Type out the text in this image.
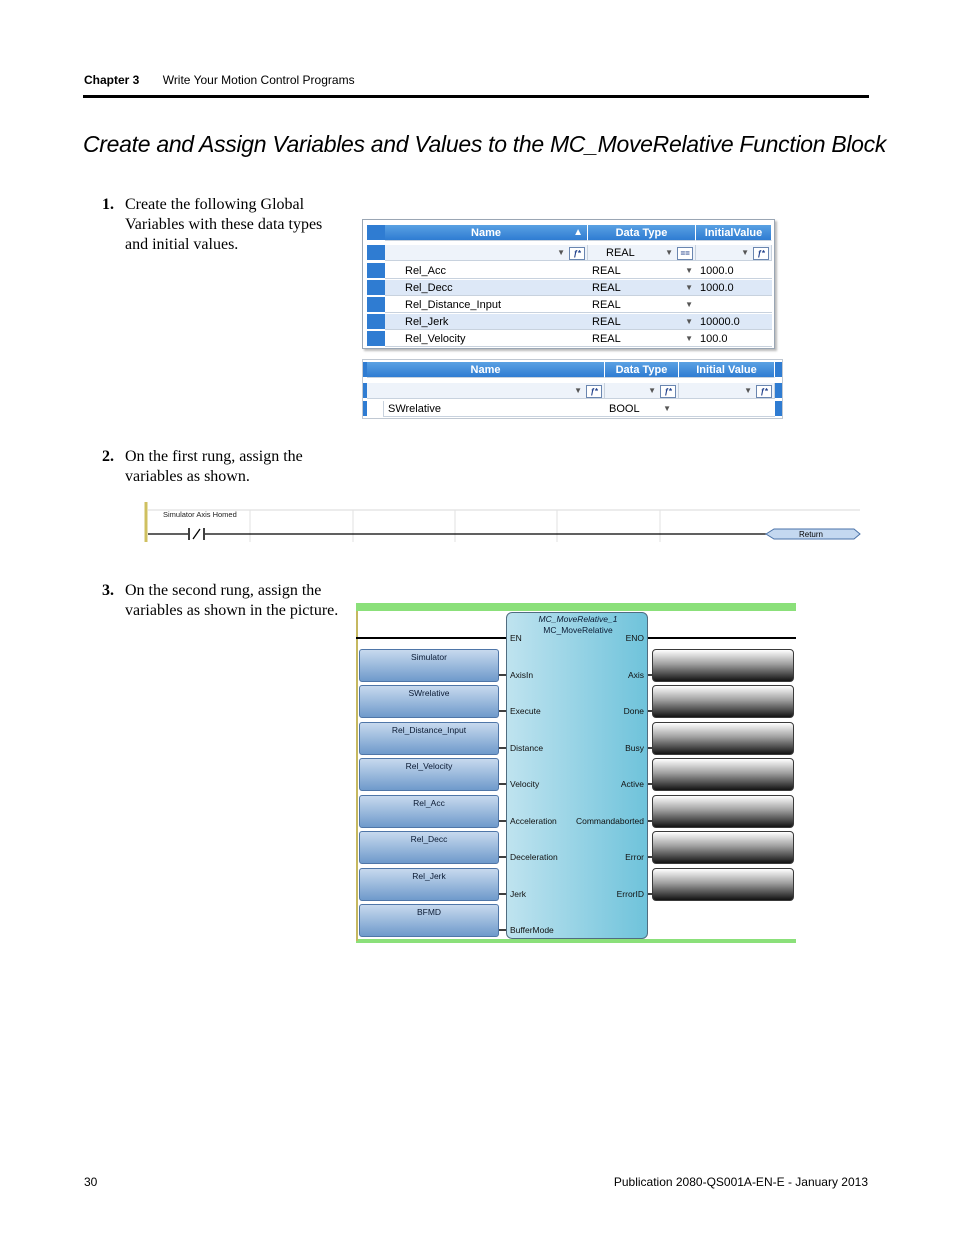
Chapter 3 Write Your Motion Control Programs
Create and Assign Variables and Values to the MC_MoveRelative Function Block
1. Create the following Global
Variables with these data types
and initial values.
Name	▲	Data Type	InitialValue
▼	ƒ*	REAL	▼ ==	▼	ƒ*
Rel_Acc	REAL	▼ 1000.0
Rel_Decc	REAL	▼ 1000.0
Rel_Distance_Input	REAL	▼
Rel_Jerk	REAL	▼ 10000.0
Rel_Velocity	REAL	▼ 100.0
Name	Data Type	Initial Value
▼	ƒ*	▼	ƒ*	▼	ƒ*
SWrelative	BOOL	▼
2. On the first rung, assign the
variables as shown.
Simulator Axis Homed
Return
3. On the second rung, assign the
variables as shown in the picture.	MC_MoveRelative_1
MC_MoveRelative
EN
AxisIn
Execute
Distance
Velocity
Acceleration
Deceleration
Jerk
BufferMode
ENO
Axis
Done
Busy
Active
Commandaborted
Error
ErrorID
Simulator
SWrelative
Rel_Distance_Input
Rel_Velocity
Rel_Acc
Rel_Decc
Rel_Jerk
BFMD
30	Publication 2080-QS001A-EN-E - January 2013
